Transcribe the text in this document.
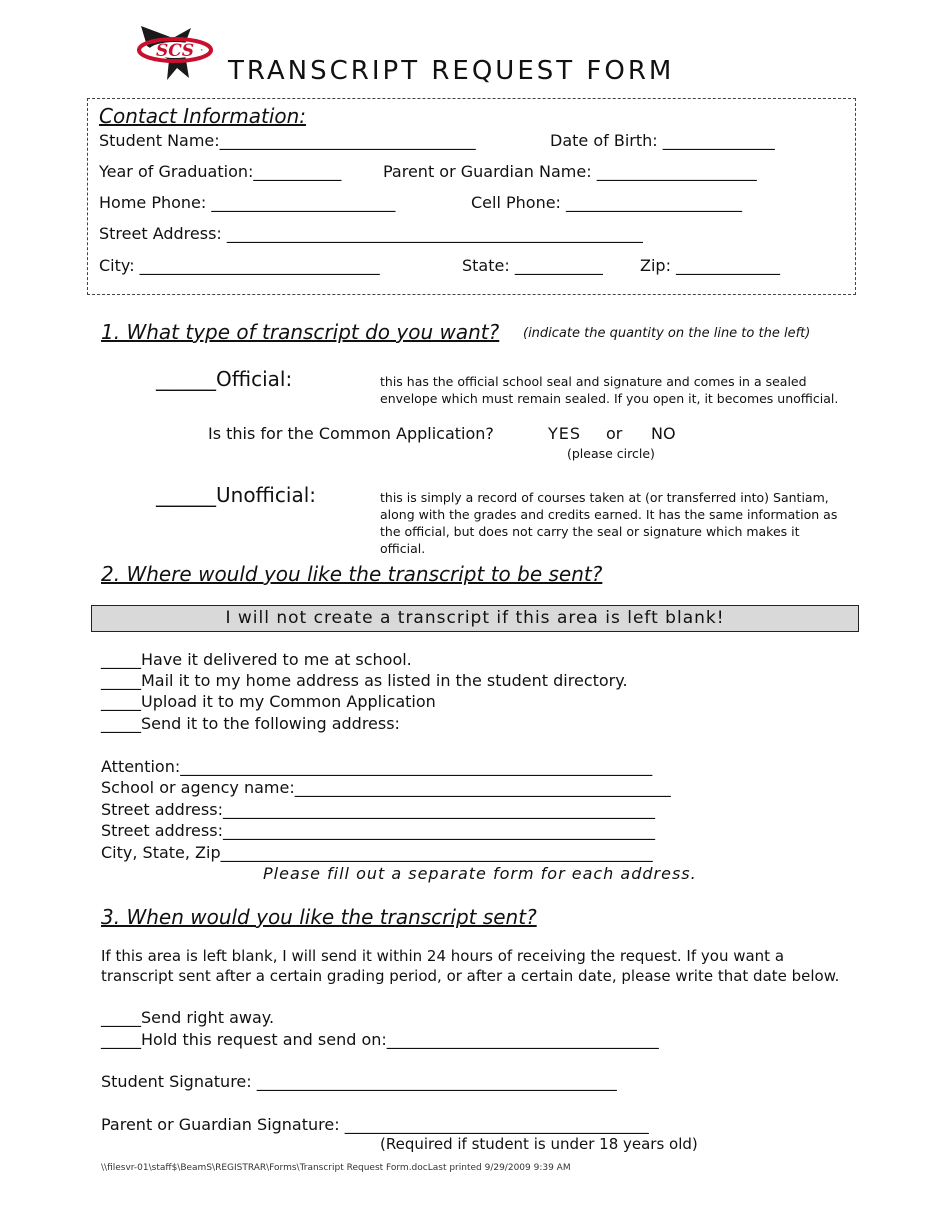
SCS
TRANSCRIPT REQUEST FORM
Contact Information:
Student Name:________________________________	Date of Birth: ______________
Year of Graduation:___________	Parent or Guardian Name: ____________________
Home Phone: _______________________	Cell Phone: ______________________
Street Address: ____________________________________________________
City: ______________________________	State: ___________ Zip: _____________
1. What type of transcript do you want? (indicate the quantity on the line to the left)
______Official:	this has the official school seal and signature and comes in a sealed envelope which must remain sealed. If you open it, it becomes unofficial.
Is this for the Common Application?	YES or NO
(please circle)
______Unofficial:	this is simply a record of courses taken at (or transferred into) Santiam, along with the grades and credits earned. It has the same information as the official, but does not carry the seal or signature which makes it official.
2. Where would you like the transcript to be sent?
I will not create a transcript if this area is left blank!
_____Have it delivered to me at school.
_____Mail it to my home address as listed in the student directory.
_____Upload it to my Common Application
_____Send it to the following address:
Attention:___________________________________________________________
School or agency name:_______________________________________________
Street address:______________________________________________________
Street address:______________________________________________________
City, State, Zip______________________________________________________
Please fill out a separate form for each address.
3. When would you like the transcript sent?
If this area is left blank, I will send it within 24 hours of receiving the request. If you want a transcript sent after a certain grading period, or after a certain date, please write that date below.
_____Send right away.
_____Hold this request and send on:__________________________________
Student Signature: _____________________________________________
Parent or Guardian Signature: ______________________________________
(Required if student is under 18 years old)
\\filesvr-01\staff$\BeamS\REGISTRAR\Forms\Transcript Request Form.docLast printed 9/29/2009 9:39 AM
